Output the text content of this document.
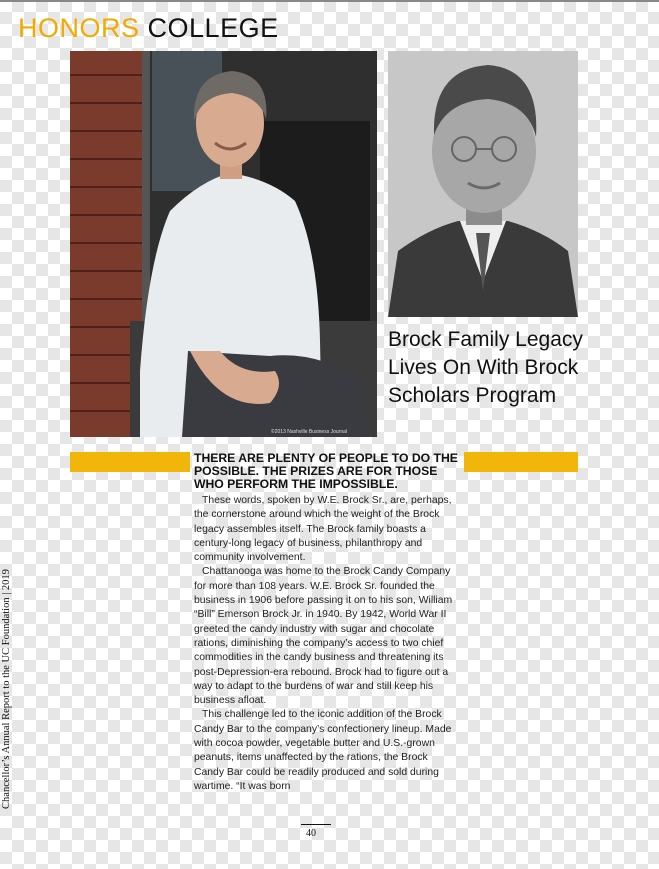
HONORS COLLEGE
©2013 Nashville Business Journal
Brock Family Legacy Lives On With Brock Scholars Program

THERE ARE PLENTY OF PEOPLE TO DO THE POSSIBLE. THE PRIZES ARE FOR THOSE WHO PERFORM THE IMPOSSIBLE.

These words, spoken by W.E. Brock Sr., are, perhaps, the cornerstone around which the weight of the Brock legacy assembles itself. The Brock family boasts a century-long legacy of business, philanthropy and community involvement.

Chattanooga was home to the Brock Candy Company for more than 108 years. W.E. Brock Sr. founded the business in 1906 before passing it on to his son, William “Bill” Emerson Brock Jr. in 1940. By 1942, World War II greeted the candy industry with sugar and chocolate rations, diminishing the company’s access to two chief commodities in the candy business and threatening its post-Depression-era rebound. Brock had to figure out a way to adapt to the burdens of war and still keep his business afloat.

This challenge led to the iconic addition of the Brock Candy Bar to the company’s confectionery lineup. Made with cocoa powder, vegetable butter and U.S.-grown peanuts, items unaffected by the rations, the Brock Candy Bar could be readily produced and sold during wartime. “It was born

Chancellor’s Annual Report to the UC Foundation | 2019
40
